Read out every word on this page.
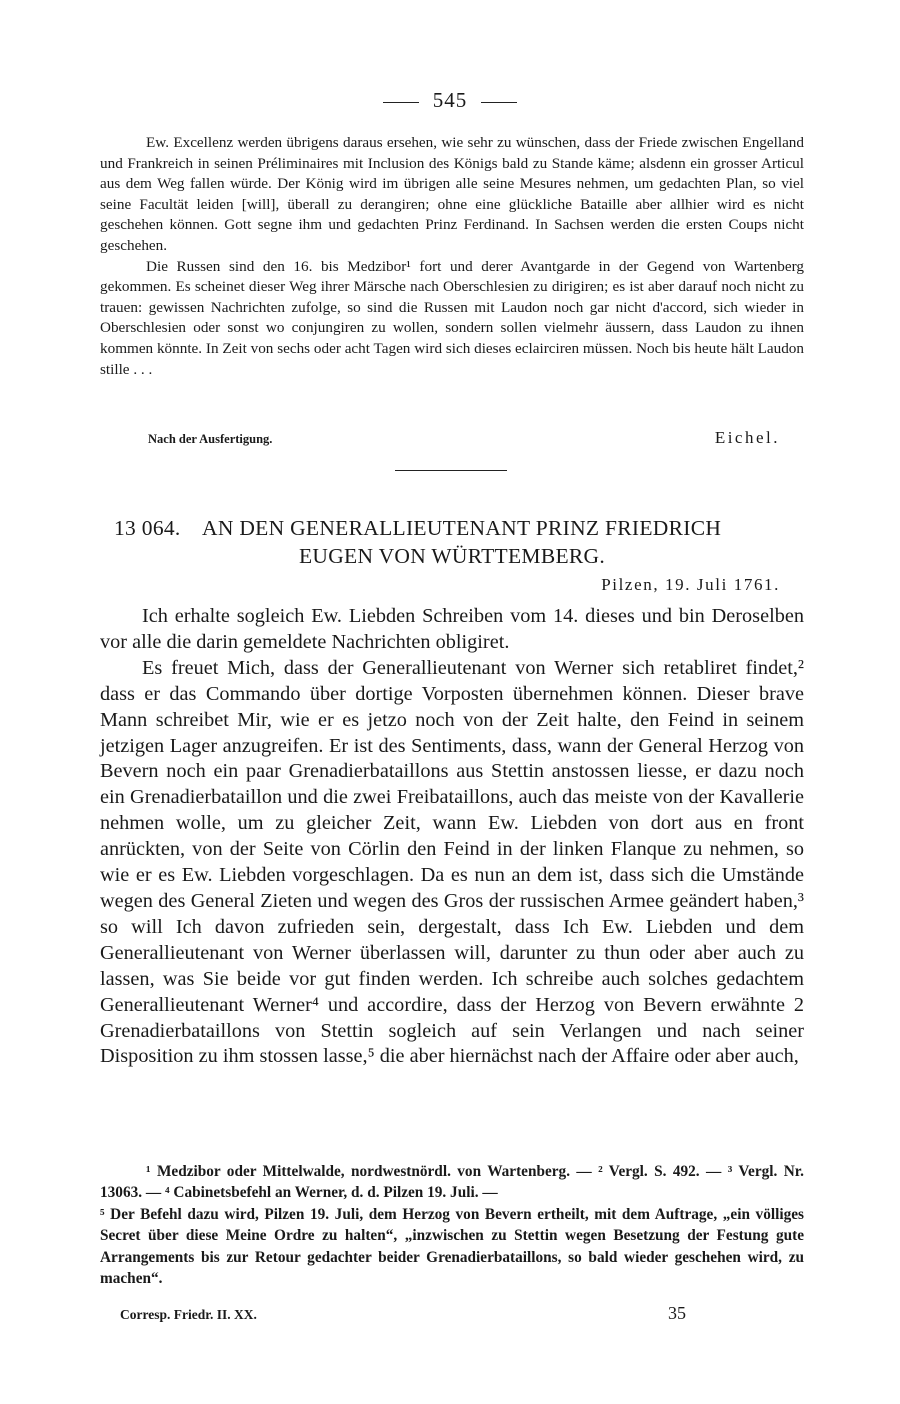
545

Ew. Excellenz werden übrigens daraus ersehen, wie sehr zu wünschen, dass der Friede zwischen Engelland und Frankreich in seinen Préliminaires mit Inclusion des Königs bald zu Stande käme; alsdenn ein grosser Articul aus dem Weg fallen würde. Der König wird im übrigen alle seine Mesures nehmen, um gedachten Plan, so viel seine Facultät leiden [will], überall zu derangiren; ohne eine glückliche Bataille aber allhier wird es nicht geschehen können. Gott segne ihm und gedachten Prinz Ferdinand. In Sachsen werden die ersten Coups nicht geschehen.

Die Russen sind den 16. bis Medzibor¹ fort und derer Avantgarde in der Gegend von Wartenberg gekommen. Es scheinet dieser Weg ihrer Märsche nach Oberschlesien zu dirigiren; es ist aber darauf noch nicht zu trauen: gewissen Nachrichten zufolge, so sind die Russen mit Laudon noch gar nicht d'accord, sich wieder in Oberschlesien oder sonst wo conjungiren zu wollen, sondern sollen vielmehr äussern, dass Laudon zu ihnen kommen könnte. In Zeit von sechs oder acht Tagen wird sich dieses eclairciren müssen. Noch bis heute hält Laudon stille . . .

Nach der Ausfertigung.	Eichel.
13 064. AN DEN GENERALLIEUTENANT PRINZ FRIEDRICH
EUGEN VON WÜRTTEMBERG.
Pilzen, 19. Juli 1761.

Ich erhalte sogleich Ew. Liebden Schreiben vom 14. dieses und bin Deroselben vor alle die darin gemeldete Nachrichten obligiret.

Es freuet Mich, dass der Generallieutenant von Werner sich retabliret findet,² dass er das Commando über dortige Vorposten übernehmen können. Dieser brave Mann schreibet Mir, wie er es jetzo noch von der Zeit halte, den Feind in seinem jetzigen Lager anzugreifen. Er ist des Sentiments, dass, wann der General Herzog von Bevern noch ein paar Grenadierbataillons aus Stettin anstossen liesse, er dazu noch ein Grenadierbataillon und die zwei Freibataillons, auch das meiste von der Kavallerie nehmen wolle, um zu gleicher Zeit, wann Ew. Liebden von dort aus en front anrückten, von der Seite von Cörlin den Feind in der linken Flanque zu nehmen, so wie er es Ew. Liebden vorgeschlagen. Da es nun an dem ist, dass sich die Umstände wegen des General Zieten und wegen des Gros der russischen Armee geändert haben,³ so will Ich davon zufrieden sein, dergestalt, dass Ich Ew. Liebden und dem Generallieutenant von Werner überlassen will, darunter zu thun oder aber auch zu lassen, was Sie beide vor gut finden werden. Ich schreibe auch solches gedachtem Generallieutenant Werner⁴ und accordire, dass der Herzog von Bevern erwähnte 2 Grenadierbataillons von Stettin sogleich auf sein Verlangen und nach seiner Disposition zu ihm stossen lasse,⁵ die aber hiernächst nach der Affaire oder aber auch,

¹ Medzibor oder Mittelwalde, nordwestnördl. von Wartenberg. — ² Vergl. S. 492. — ³ Vergl. Nr. 13063. — ⁴ Cabinetsbefehl an Werner, d. d. Pilzen 19. Juli. —

⁵ Der Befehl dazu wird, Pilzen 19. Juli, dem Herzog von Bevern ertheilt, mit dem Auftrage, „ein völliges Secret über diese Meine Ordre zu halten“, „inzwischen zu Stettin wegen Besetzung der Festung gute Arrangements bis zur Retour gedachter beider Grenadierbataillons, so bald wieder geschehen wird, zu machen“.

Corresp. Friedr. II. XX.	35
